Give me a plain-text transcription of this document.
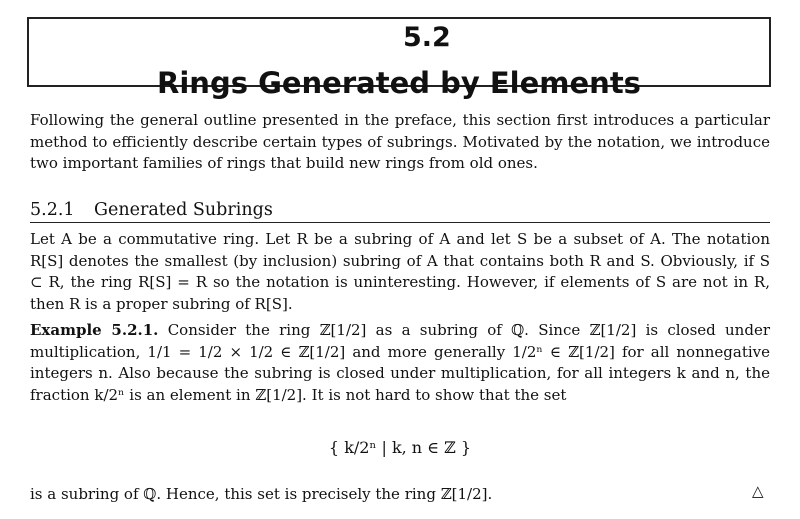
5.2
Rings Generated by Elements

Following the general outline presented in the preface, this section first introduces a particular method to efficiently describe certain types of subrings. Motivated by the notation, we introduce two important families of rings that build new rings from old ones.

5.2.1 Generated Subrings

Let A be a commutative ring. Let R be a subring of A and let S be a subset of A. The notation R[S] denotes the smallest (by inclusion) subring of A that contains both R and S. Obviously, if S ⊂ R, the ring R[S] = R so the notation is uninteresting. However, if elements of S are not in R, then R is a proper subring of R[S].

Example 5.2.1. Consider the ring ℤ[1/2] as a subring of ℚ. Since ℤ[1/2] is closed under multiplication, 1/1 = 1/2 × 1/2 ∈ ℤ[1/2] and more generally 1/2ⁿ ∈ ℤ[1/2] for all nonnegative integers n. Also because the subring is closed under multiplication, for all integers k and n, the fraction k/2ⁿ is an element in ℤ[1/2]. It is not hard to show that the set

{ k/2ⁿ | k, n ∈ ℤ }

is a subring of ℚ. Hence, this set is precisely the ring ℤ[1/2].	△
